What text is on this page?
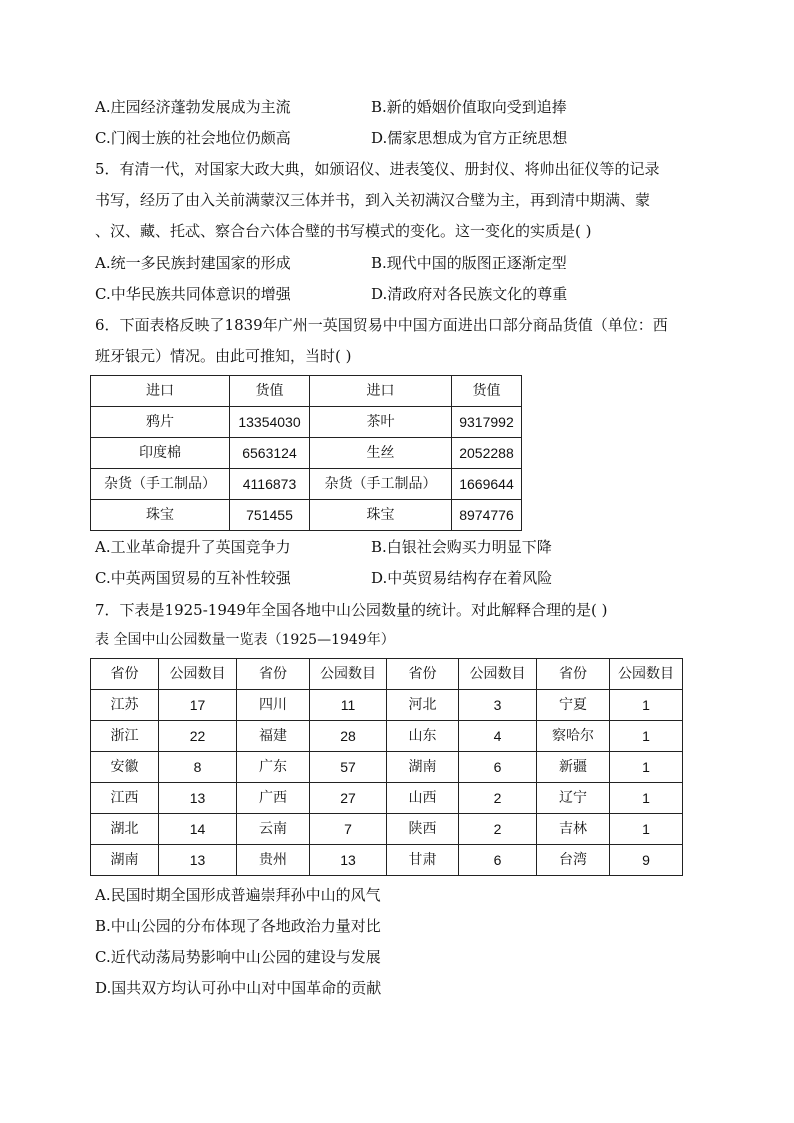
A.庄园经济蓬勃发展成为主流	B.新的婚姻价值取向受到追捧
C.门阀士族的社会地位仍颇高	D.儒家思想成为官方正统思想
5．有清一代，对国家大政大典，如颁诏仪、进表笺仪、册封仪、将帅出征仪等的记录
书写，经历了由入关前满蒙汉三体并书，到入关初满汉合璧为主，再到清中期满、蒙
、汉、藏、托忒、察合台六体合璧的书写模式的变化。这一变化的实质是( )
A.统一多民族封建国家的形成	B.现代中国的版图正逐渐定型
C.中华民族共同体意识的增强	D.清政府对各民族文化的尊重
6．下面表格反映了1839年广州一英国贸易中中国方面进出口部分商品货值（单位：西
班牙银元）情况。由此可推知，当时( )
进口	货值	进口	货值
鸦片	13354030	茶叶	9317992
印度棉	6563124	生丝	2052288
杂货（手工制品）	4116873	杂货（手工制品）	1669644
珠宝	751455	珠宝	8974776
A.工业革命提升了英国竞争力	B.白银社会购买力明显下降
C.中英两国贸易的互补性较强	D.中英贸易结构存在着风险
7．下表是1925-1949年全国各地中山公园数量的统计。对此解释合理的是( )
表 全国中山公园数量一览表（1925—1949年）
省份	公园数目	省份	公园数目	省份	公园数目	省份	公园数目
江苏	17	四川	11	河北	3	宁夏	1
浙江	22	福建	28	山东	4	察哈尔	1
安徽	8	广东	57	湖南	6	新疆	1
江西	13	广西	27	山西	2	辽宁	1
湖北	14	云南	7	陕西	2	吉林	1
湖南	13	贵州	13	甘肃	6	台湾	9
A.民国时期全国形成普遍崇拜孙中山的风气
B.中山公园的分布体现了各地政治力量对比
C.近代动荡局势影响中山公园的建设与发展
D.国共双方均认可孙中山对中国革命的贡献
